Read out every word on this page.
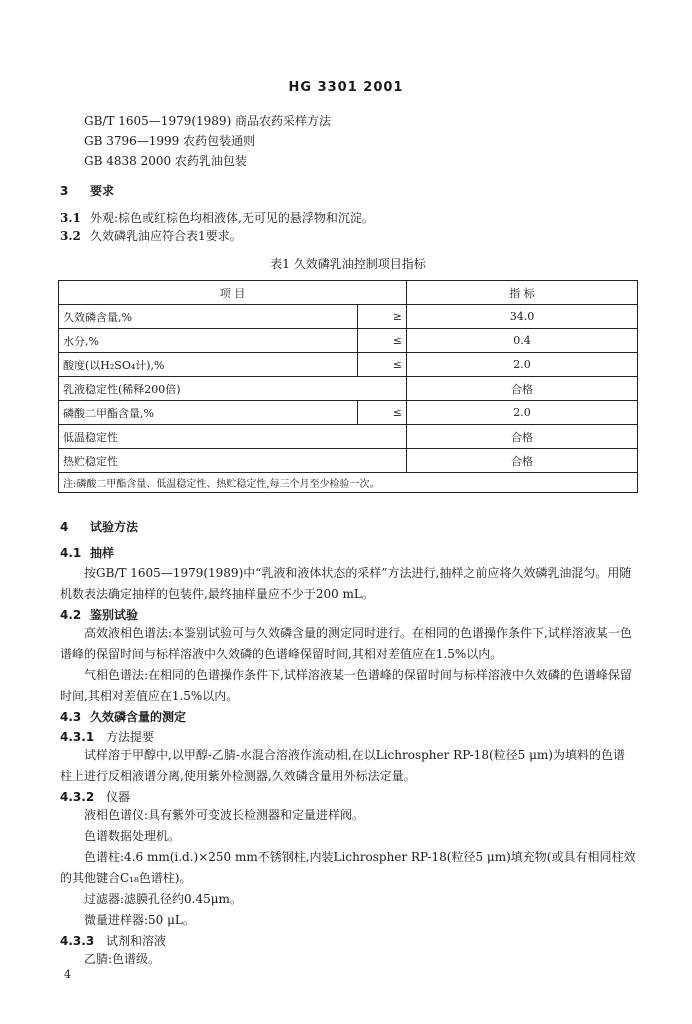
HG 3301 2001

GB/T 1605—1979(1989) 商品农药采样方法

GB 3796—1999 农药包装通则

GB 4838 2000 农药乳油包装

3 要求

3.1 外观:棕色或红棕色均相液体,无可见的悬浮物和沉淀。

3.2 久效磷乳油应符合表1要求。

表1 久效磷乳油控制项目指标
项 目		指 标
久效磷含量,%	≥	34.0
水分,%	≤	0.4
酸度(以H₂SO₄计),%	≤	2.0
乳液稳定性(稀释200倍)		合格
磷酸二甲酯含量,%	≤	2.0
低温稳定性		合格
热贮稳定性		合格
注:磷酸二甲酯含量、低温稳定性、热贮稳定性,每三个月至少检验一次。		

4 试验方法

4.1 抽样

按GB/T 1605—1979(1989)中“乳液和液体状态的采样”方法进行,抽样之前应将久效磷乳油混匀。用随机数表法确定抽样的包装件,最终抽样量应不少于200 mL。

4.2 鉴别试验

高效液相色谱法:本鉴别试验可与久效磷含量的测定同时进行。在相同的色谱操作条件下,试样溶液某一色谱峰的保留时间与标样溶液中久效磷的色谱峰保留时间,其相对差值应在1.5%以内。

气相色谱法:在相同的色谱操作条件下,试样溶液某一色谱峰的保留时间与标样溶液中久效磷的色谱峰保留时间,其相对差值应在1.5%以内。

4.3 久效磷含量的测定

4.3.1 方法提要

试样溶于甲醇中,以甲醇-乙腈-水混合溶液作流动相,在以Lichrospher RP-18(粒径5 μm)为填料的色谱柱上进行反相液谱分离,使用紫外检测器,久效磷含量用外标法定量。

4.3.2 仪器

液相色谱仪:具有紫外可变波长检测器和定量进样阀。

色谱数据处理机。

色谱柱:4.6 mm(i.d.)×250 mm不锈钢柱,内装Lichrospher RP-18(粒径5 μm)填充物(或具有相同柱效的其他键合C₁₈色谱柱)。

过滤器:滤膜孔径约0.45μm。

微量进样器:50 μL。

4.3.3 试剂和溶液

乙腈:色谱级。

4
